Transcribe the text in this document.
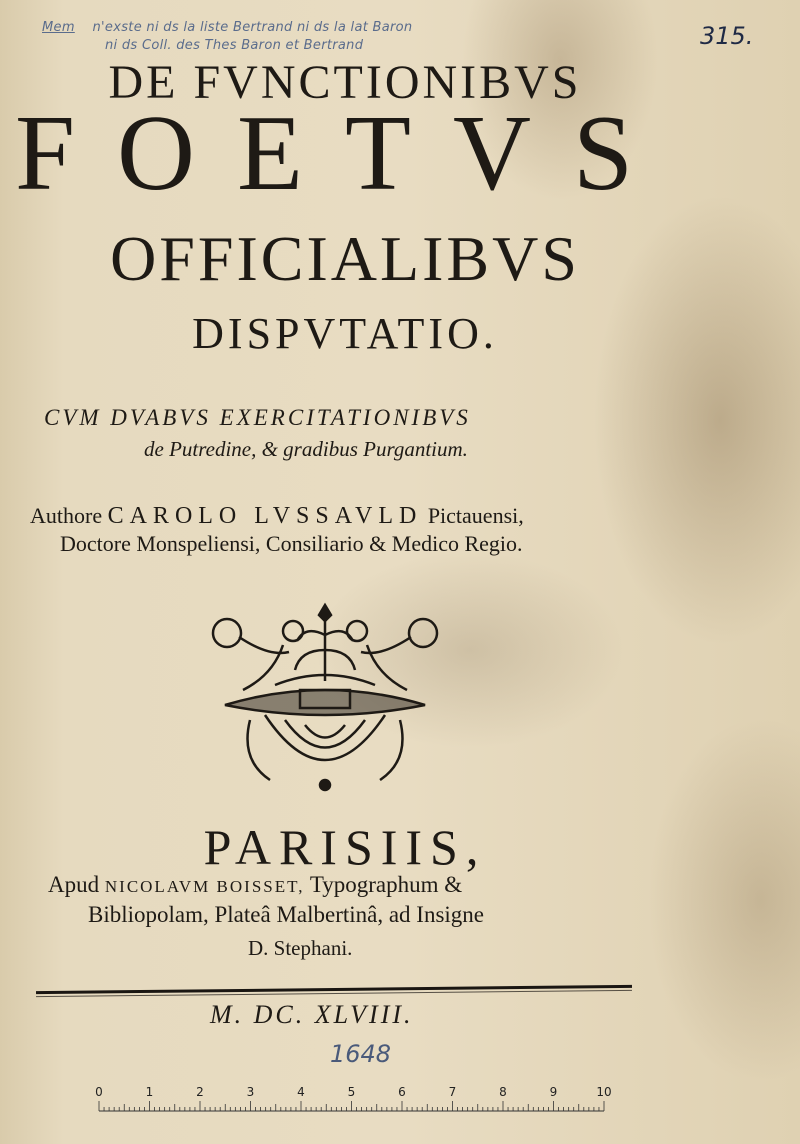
Mem n'exste ni ds la liste Bertrand ni ds la lat Baron
ni ds Coll. des Thes Baron et Bertrand	315.
DE FVNCTIONIBVS
FOETVS
OFFICIALIBVS
DISPVTATIO.
CVM DVABVS EXERCITATIONIBVS
de Putredine, & gradibus Purgantium.
Authore CAROLO LVSSAVLD Pictauensi,
Doctore Monspeliensi, Consiliario & Medico Regio.
PARISIIS,
Apud NICOLAVM BOISSET, Typographum &
Bibliopolam, Plateâ Malbertinâ, ad Insigne
D. Stephani.
M. DC. XLVIII.
1648
0	1	2	3	4	5	6	7	8	9	10
